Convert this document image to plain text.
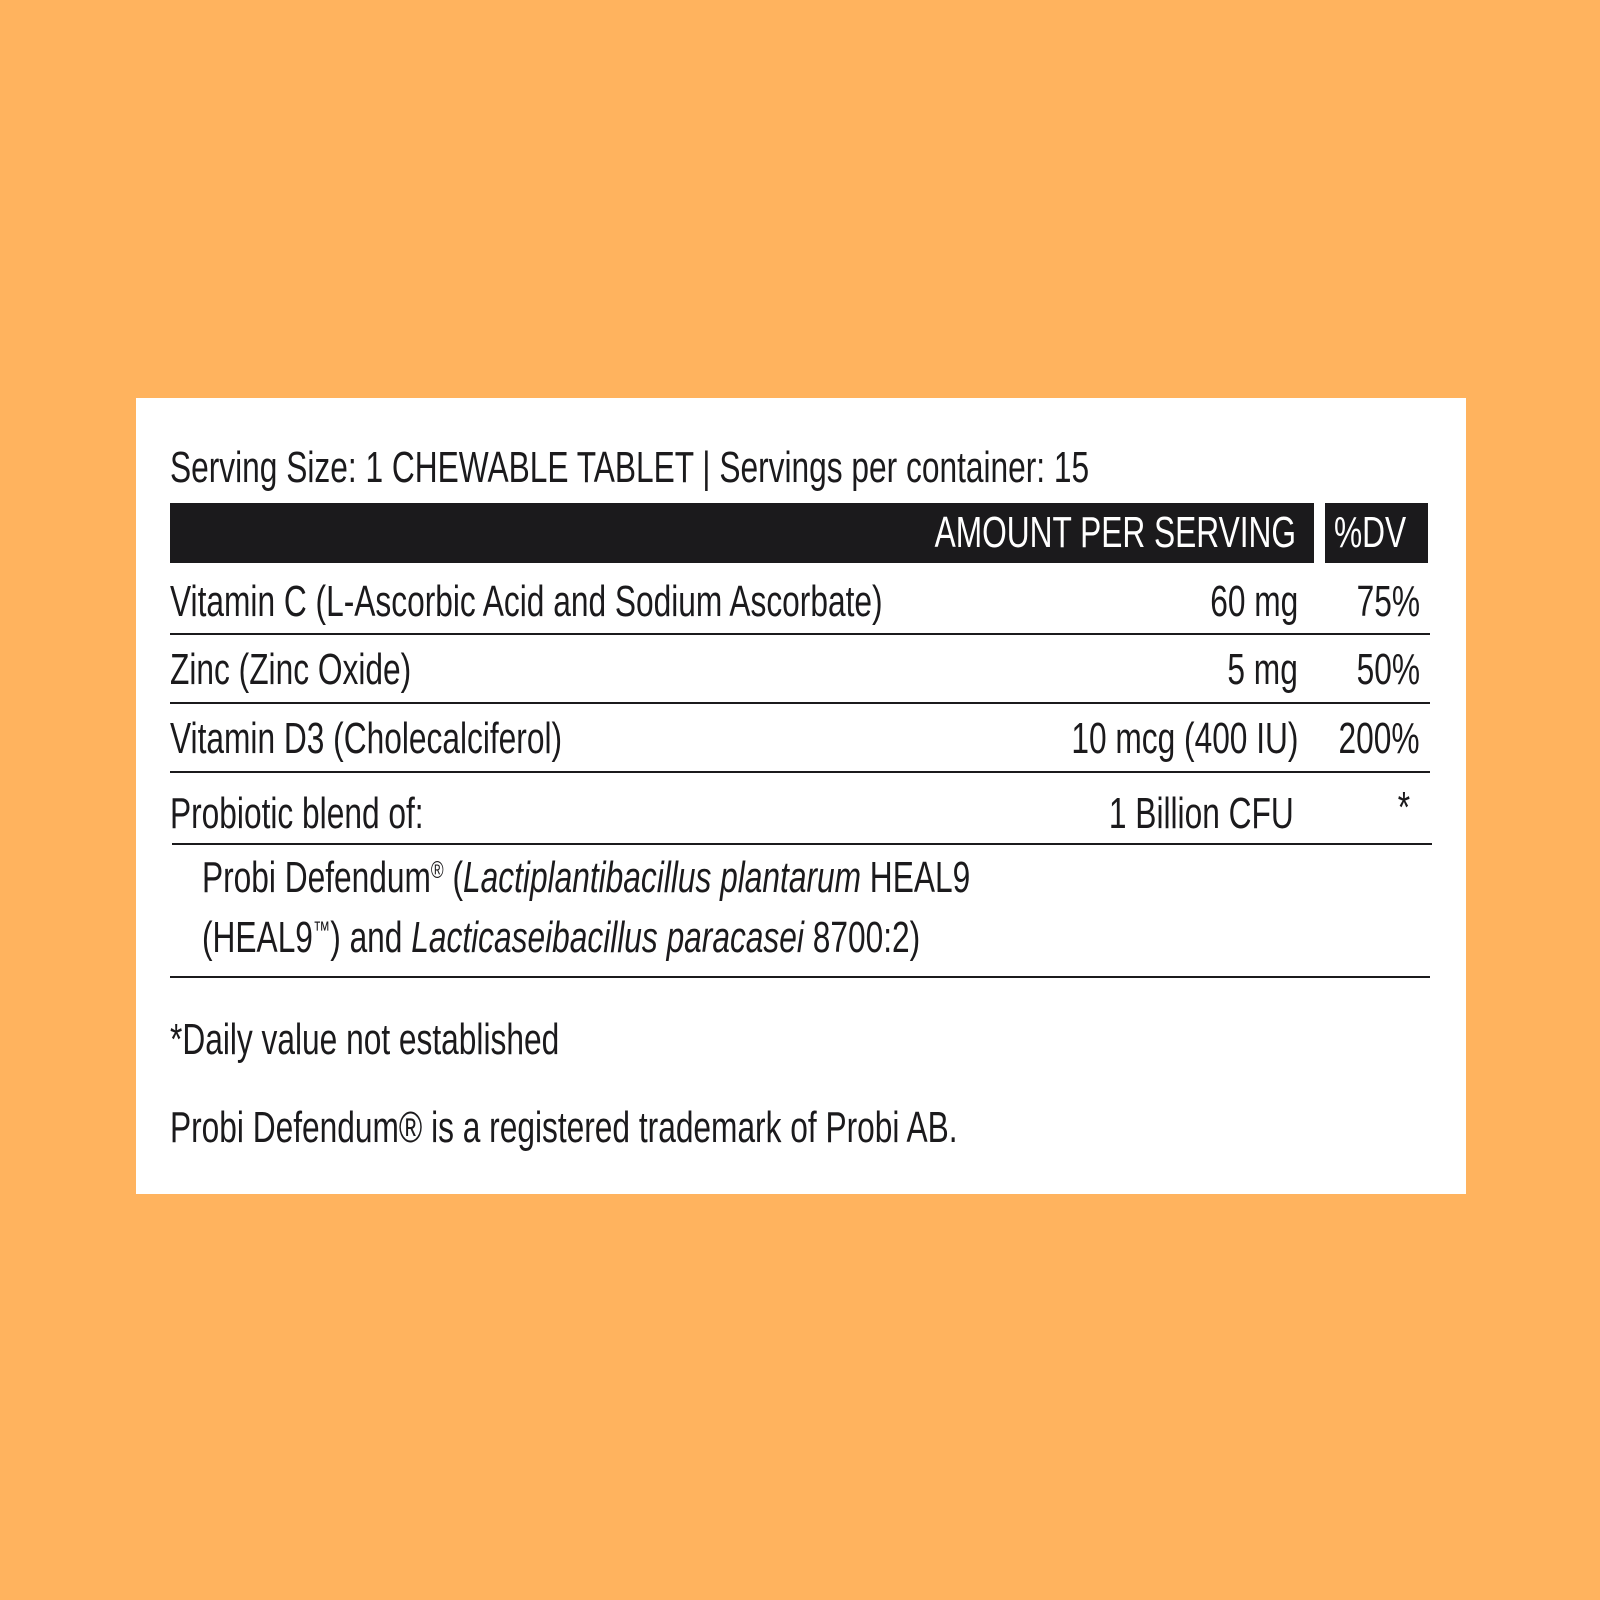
Serving Size: 1 CHEWABLE TABLET | Servings per container: 15
AMOUNT PER SERVING %DV
Vitamin C (L-Ascorbic Acid and Sodium Ascorbate)	60 mg 75%
Zinc (Zinc Oxide)	5 mg 50%
Vitamin D3 (Cholecalciferol)	10 mcg (400 IU) 200%
Probiotic blend of:	1 Billion CFU *
Probi Defendum® (Lactiplantibacillus plantarum HEAL9
(HEAL9™) and Lacticaseibacillus paracasei 8700:2)
*Daily value not established
Probi Defendum® is a registered trademark of Probi AB.
